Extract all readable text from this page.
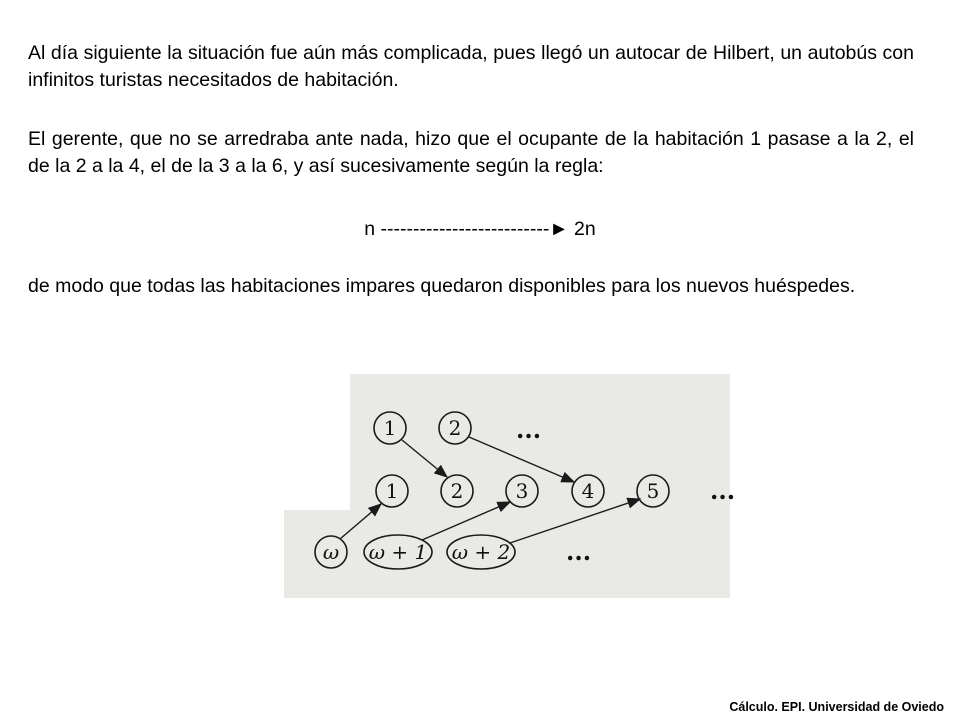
Al día siguiente la situación fue aún más complicada, pues llegó un autocar de Hilbert, un autobús con infinitos turistas necesitados de habitación.

El gerente, que no se arredraba ante nada, hizo que el ocupante de la habitación 1 pasase a la 2, el de la 2 a la 4, el de la 3 a la 6, y así sucesivamente según la regla:

n --------------------------► 2n

de modo que todas las habitaciones impares quedaron disponibles para los nuevos huéspedes.

1	2 ...
1	2	3	4	5 ...
ω ω + 1 ω + 2 ...
Cálculo. EPI. Universidad de Oviedo
